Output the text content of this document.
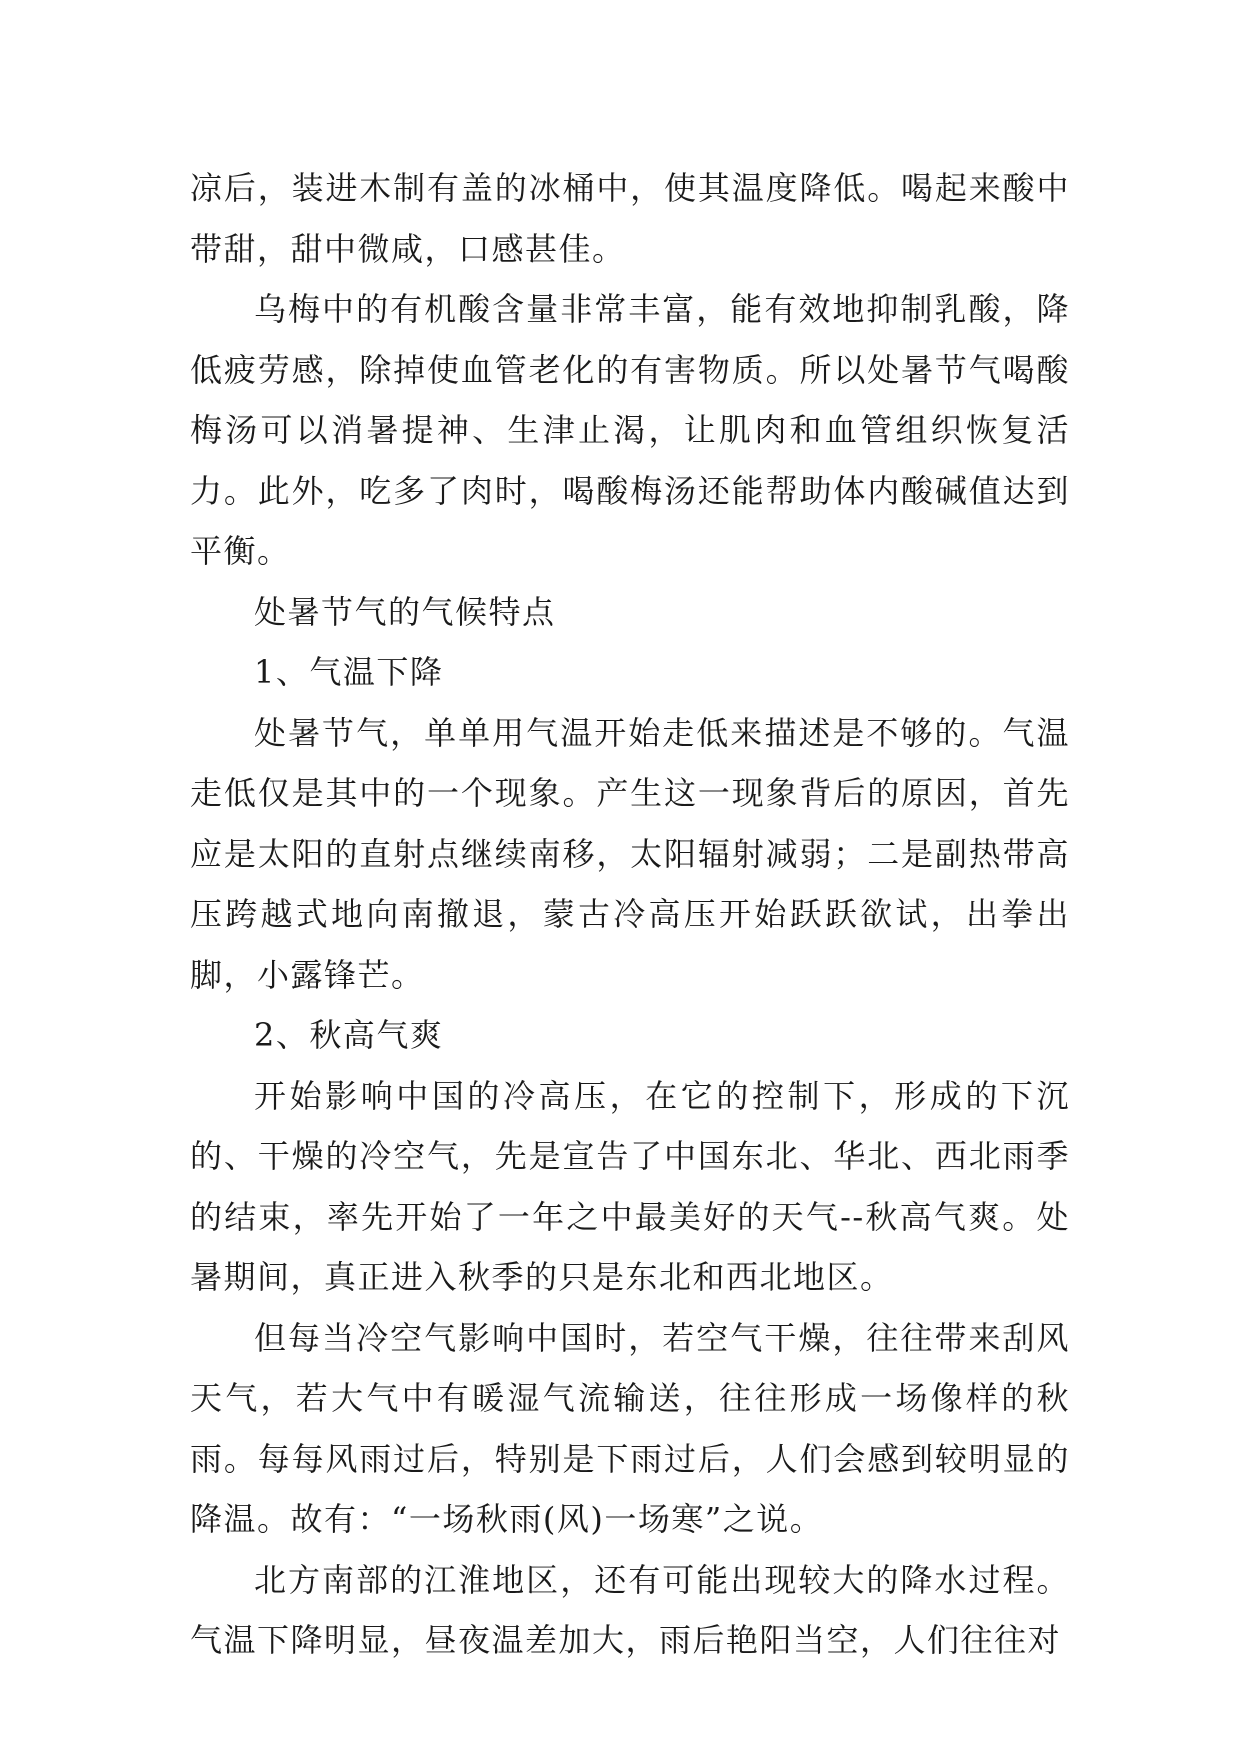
凉后，装进木制有盖的冰桶中，使其温度降低。喝起来酸中带甜，甜中微咸，口感甚佳。

乌梅中的有机酸含量非常丰富，能有效地抑制乳酸，降低疲劳感，除掉使血管老化的有害物质。所以处暑节气喝酸梅汤可以消暑提神、生津止渴，让肌肉和血管组织恢复活力。此外，吃多了肉时，喝酸梅汤还能帮助体内酸碱值达到平衡。

处暑节气的气候特点

1、气温下降

处暑节气，单单用气温开始走低来描述是不够的。气温走低仅是其中的一个现象。产生这一现象背后的原因，首先应是太阳的直射点继续南移，太阳辐射减弱；二是副热带高压跨越式地向南撤退，蒙古冷高压开始跃跃欲试，出拳出脚，小露锋芒。

2、秋高气爽

开始影响中国的冷高压，在它的控制下，形成的下沉的、干燥的冷空气，先是宣告了中国东北、华北、西北雨季的结束，率先开始了一年之中最美好的天气--秋高气爽。处暑期间，真正进入秋季的只是东北和西北地区。

但每当冷空气影响中国时，若空气干燥，往往带来刮风天气，若大气中有暖湿气流输送，往往形成一场像样的秋雨。每每风雨过后，特别是下雨过后，人们会感到较明显的降温。故有：“一场秋雨(风)一场寒”之说。

北方南部的江淮地区，还有可能出现较大的降水过程。气温下降明显，昼夜温差加大，雨后艳阳当空，人们往往对
